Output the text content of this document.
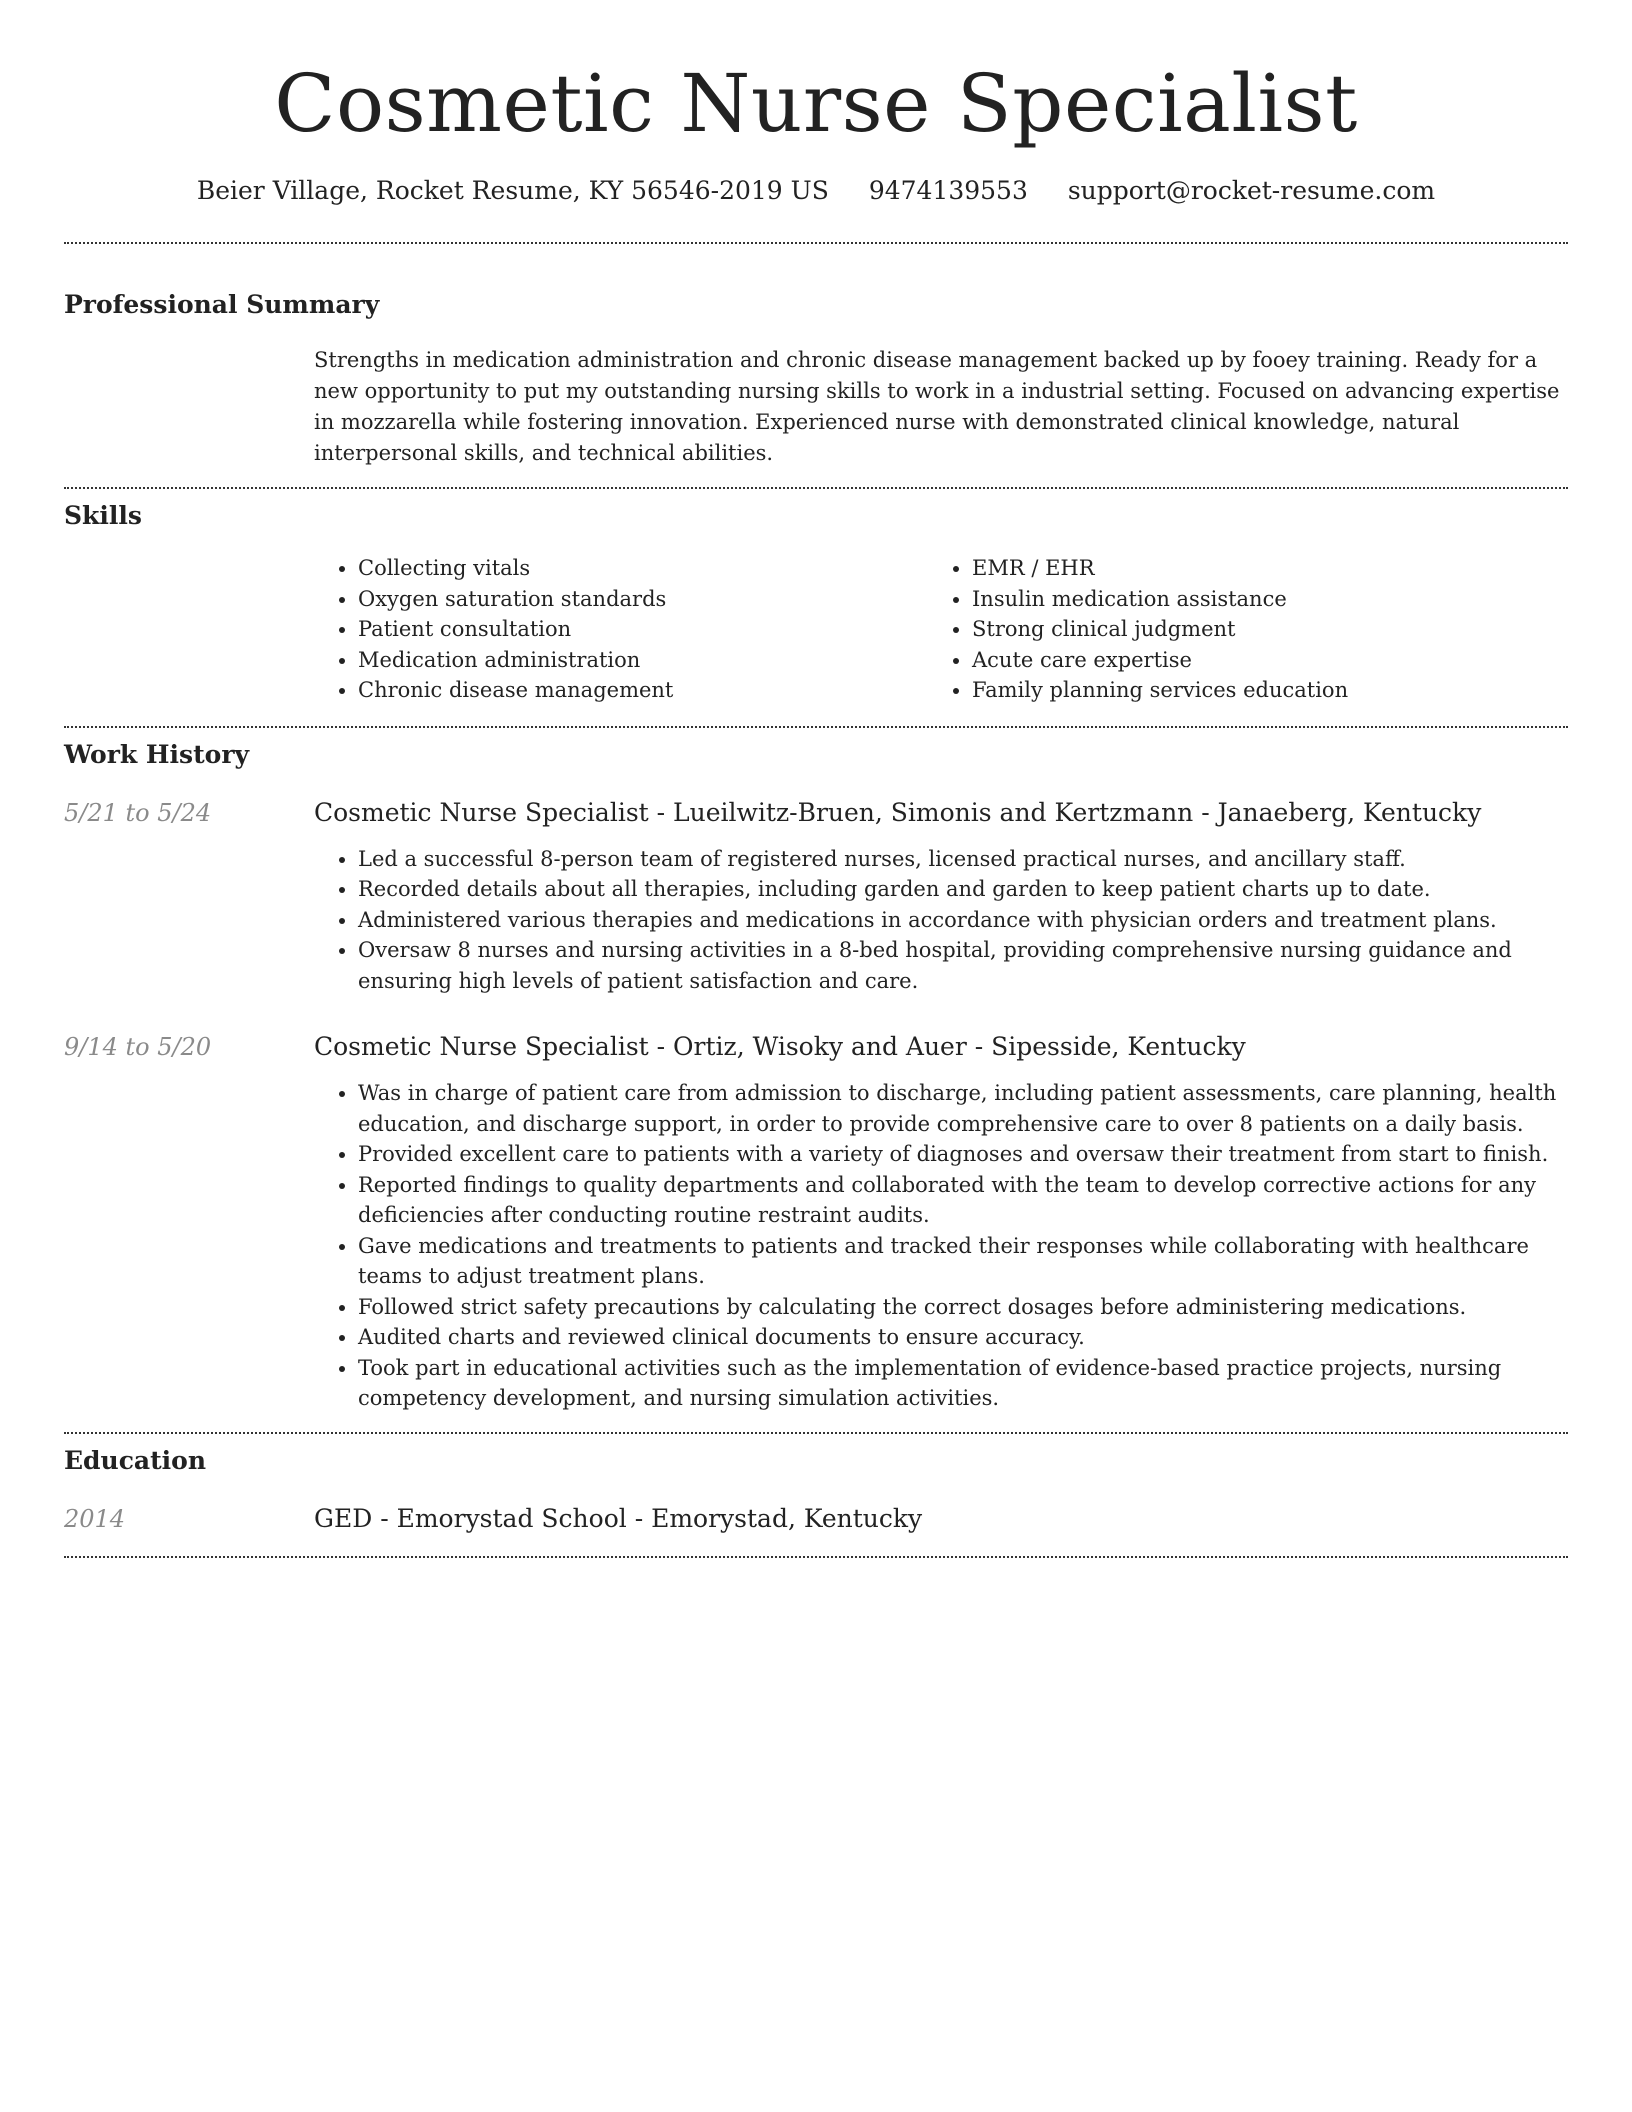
Cosmetic Nurse Specialist
Beier Village, Rocket Resume, KY 56546-2019 US 9474139553 support@rocket-resume.com
Professional Summary

Strengths in medication administration and chronic disease management backed up by fooey training. Ready for a new opportunity to put my outstanding nursing skills to work in a industrial setting. Focused on advancing expertise in mozzarella while fostering innovation. Experienced nurse with demonstrated clinical knowledge, natural interpersonal skills, and technical abilities.

Skills
• Collecting vitals
• Oxygen saturation standards
• Patient consultation
• Medication administration
• Chronic disease management
• EMR / EHR
• Insulin medication assistance
• Strong clinical judgment
• Acute care expertise
• Family planning services education
Work History
5/21 to 5/24	Cosmetic Nurse Specialist - Lueilwitz-Bruen, Simonis and Kertzmann - Janaeberg, Kentucky
• Led a successful 8-person team of registered nurses, licensed practical nurses, and ancillary staff.
• Recorded details about all therapies, including garden and garden to keep patient charts up to date.
• Administered various therapies and medications in accordance with physician orders and treatment plans.
• Oversaw 8 nurses and nursing activities in a 8-bed hospital, providing comprehensive nursing guidance and ensuring high levels of patient satisfaction and care.
9/14 to 5/20	Cosmetic Nurse Specialist - Ortiz, Wisoky and Auer - Sipesside, Kentucky
• Was in charge of patient care from admission to discharge, including patient assessments, care planning, health education, and discharge support, in order to provide comprehensive care to over 8 patients on a daily basis.
• Provided excellent care to patients with a variety of diagnoses and oversaw their treatment from start to finish.
• Reported findings to quality departments and collaborated with the team to develop corrective actions for any deficiencies after conducting routine restraint audits.
• Gave medications and treatments to patients and tracked their responses while collaborating with healthcare teams to adjust treatment plans.
• Followed strict safety precautions by calculating the correct dosages before administering medications.
• Audited charts and reviewed clinical documents to ensure accuracy.
• Took part in educational activities such as the implementation of evidence-based practice projects, nursing competency development, and nursing simulation activities.
Education
2014	GED - Emorystad School - Emorystad, Kentucky
